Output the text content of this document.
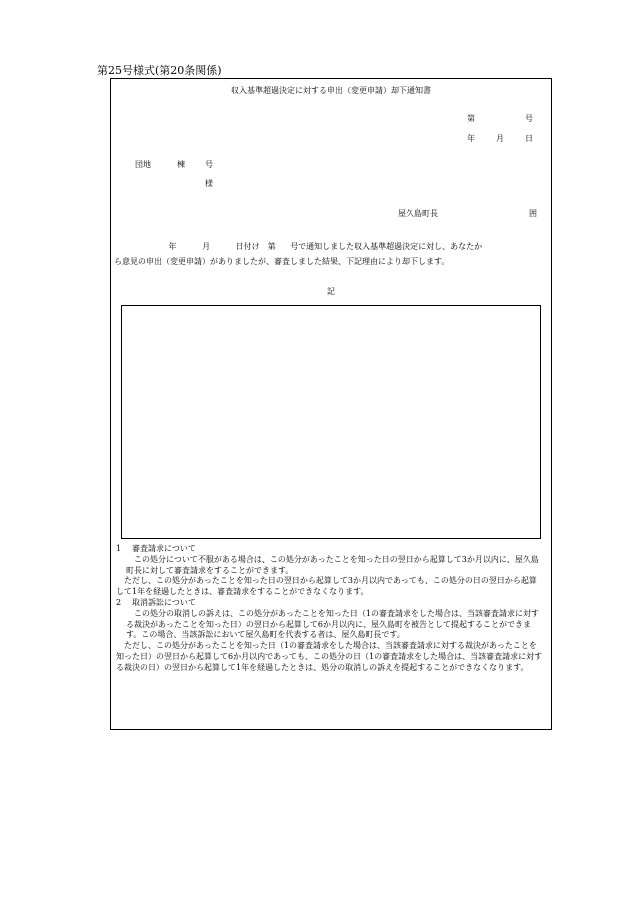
第25号様式(第20条関係)
収入基準超過決定に対する申出（変更申請）却下通知書
第	号
年	月	日
団地	棟	号
様
屋久島町長	囲
年	月	日付け　第 号で通知しました収入基準超過決定に対し、あなたか
ら意見の申出（変更申請）がありましたが、審査しました結果、下記理由により却下します。
記
1	審査請求について
この処分について不服がある場合は、この処分があったことを知った日の翌日から起算して3か月以内に、屋久島町長に対して審査請求をすることができます。
ただし、この処分があったことを知った日の翌日から起算して3か月以内であっても、この処分の日の翌日から起算して1年を経過したときは、審査請求をすることができなくなります。
2	取消訴訟について
この処分の取消しの訴えは、この処分があったことを知った日（1の審査請求をした場合は、当該審査請求に対する裁決があったことを知った日）の翌日から起算して6か月以内に、屋久島町を被告として提起することができます。この場合、当該訴訟において屋久島町を代表する者は、屋久島町長です。
ただし、この処分があったことを知った日（1の審査請求をした場合は、当該審査請求に対する裁決があったことを知った日）の翌日から起算して6か月以内であっても、この処分の日（1の審査請求をした場合は、当該審査請求に対する裁決の日）の翌日から起算して1年を経過したときは、処分の取消しの訴えを提起することができなくなります。
